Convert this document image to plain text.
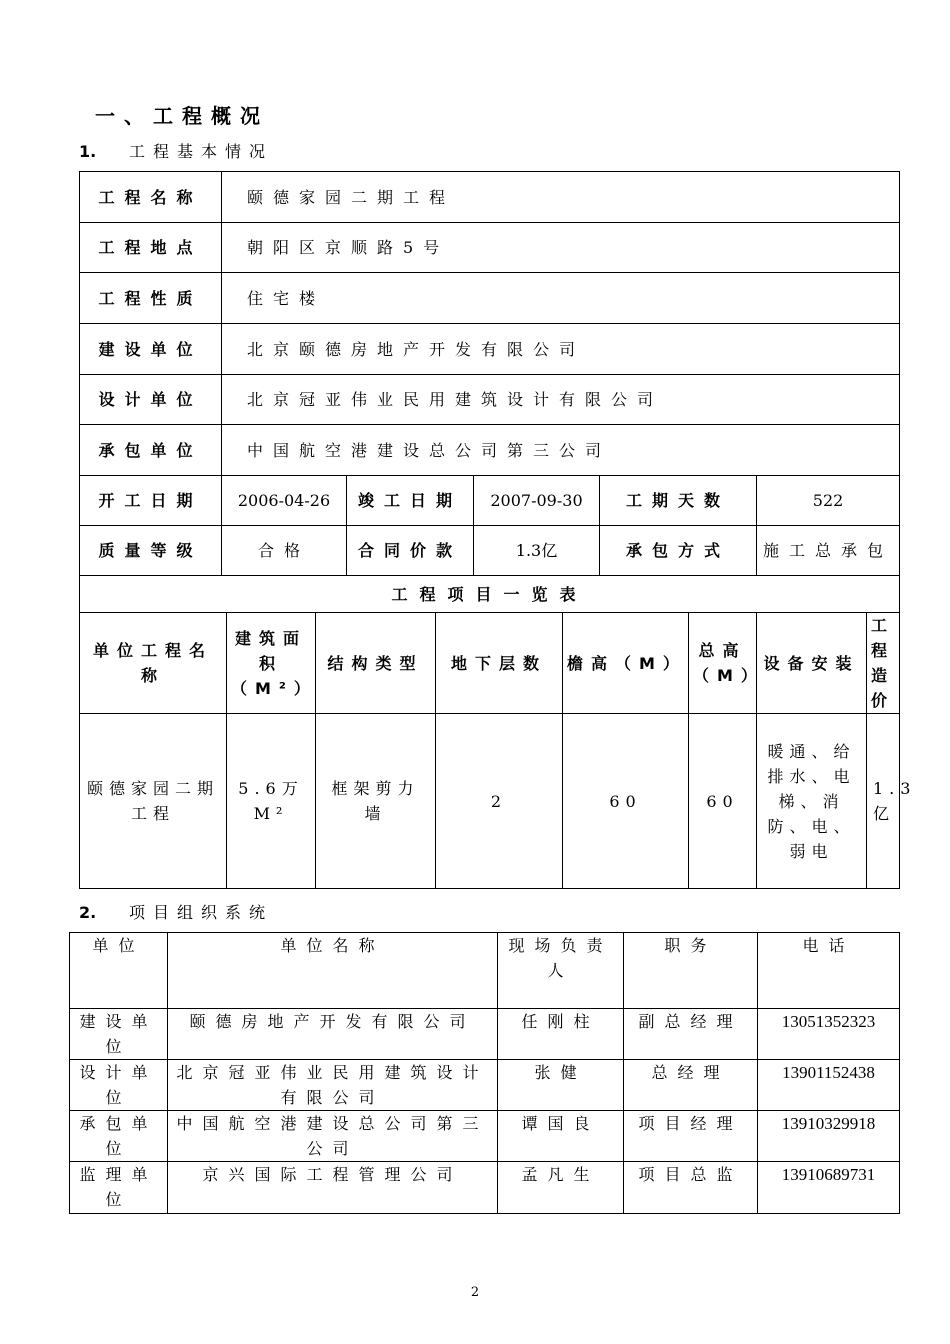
一、工程概况
1. 工程基本情况
工程名称	颐德家园二期工程										
工程地点	朝阳区京顺路5号										
工程性质	住宅楼										
建设单位	北京颐德房地产开发有限公司										
设计单位	北京冠亚伟业民用建筑设计有限公司										
承包单位	中国航空港建设总公司第三公司										
开工日期	2006-04-26			竣工日期		2007-09-30		工期天数		522	
质量等级	合格			合同价款		1.3亿		承包方式		施工总承包	
工程项目一览表											
单位工程名称		建筑面积（M²）	结构类型		地下层数		檐高（M）		总高（M）	设备安装	工程造价
颐德家园二期工程		5.6万M²	框架剪力墙		2		60		60	暖通、给排水、电梯、消防、电、弱电	1.3亿
2. 项目组织系统
单位	单位名称	现场负责人	职务	电话
建设单位	颐德房地产开发有限公司	任刚柱	副总经理	13051352323
设计单位	北京冠亚伟业民用建筑设计有限公司	张健	总经理	13901152438
承包单位	中国航空港建设总公司第三公司	谭国良	项目经理	13910329918
监理单位	京兴国际工程管理公司	孟凡生	项目总监	13910689731
2
